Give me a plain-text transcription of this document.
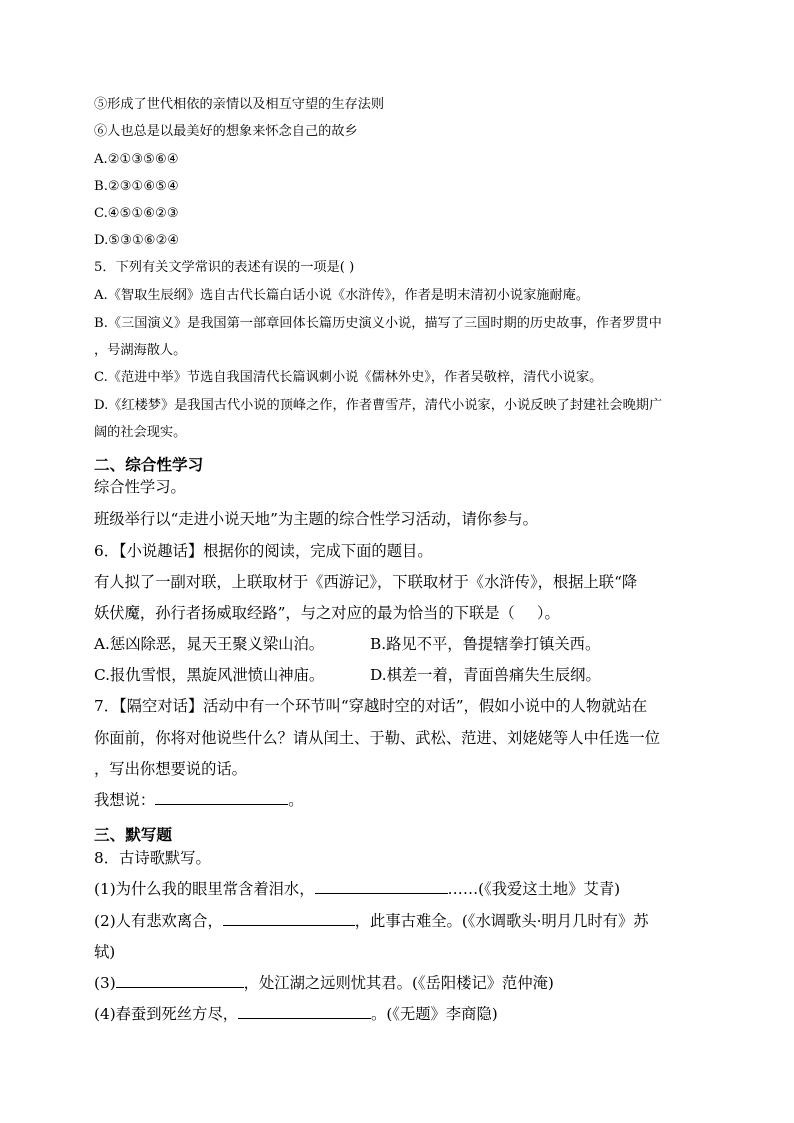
⑤形成了世代相依的亲情以及相互守望的生存法则
⑥人也总是以最美好的想象来怀念自己的故乡
A.②①③⑤⑥④
B.②③①⑥⑤④
C.④⑤①⑥②③
D.⑤③①⑥②④
5．下列有关文学常识的表述有误的一项是( )
A.《智取生辰纲》选自古代长篇白话小说《水浒传》，作者是明末清初小说家施耐庵。
B.《三国演义》是我国第一部章回体长篇历史演义小说，描写了三国时期的历史故事，作者罗贯中
，号湖海散人。
C.《范进中举》节选自我国清代长篇讽刺小说《儒林外史》，作者吴敬梓，清代小说家。
D.《红楼梦》是我国古代小说的顶峰之作，作者曹雪芹，清代小说家，小说反映了封建社会晚期广
阔的社会现实。
二、综合性学习
综合性学习。
班级举行以“走进小说天地”为主题的综合性学习活动，请你参与。
6．【小说趣话】根据你的阅读，完成下面的题目。
有人拟了一副对联，上联取材于《西游记》，下联取材于《水浒传》，根据上联“降
妖伏魔，孙行者扬威取经路”，与之对应的最为恰当的下联是（ ）。
A.惩凶除恶，晁天王聚义梁山泊。	B.路见不平，鲁提辖拳打镇关西。
C.报仇雪恨，黑旋风泄愤山神庙。	D.棋差一着，青面兽痛失生辰纲。
7．【隔空对话】活动中有一个环节叫“穿越时空的对话”，假如小说中的人物就站在
你面前，你将对他说些什么？请从闰土、于勒、武松、范进、刘姥姥等人中任选一位
，写出你想要说的话。
我想说：	。
三、默写题
8．古诗歌默写。
(1)为什么我的眼里常含着泪水，	……(《我爱这土地》艾青)
(2)人有悲欢离合，	，此事古难全。(《水调歌头·明月几时有》苏
轼)
(3)	，处江湖之远则忧其君。(《岳阳楼记》范仲淹)
(4)春蚕到死丝方尽，	。(《无题》李商隐)
